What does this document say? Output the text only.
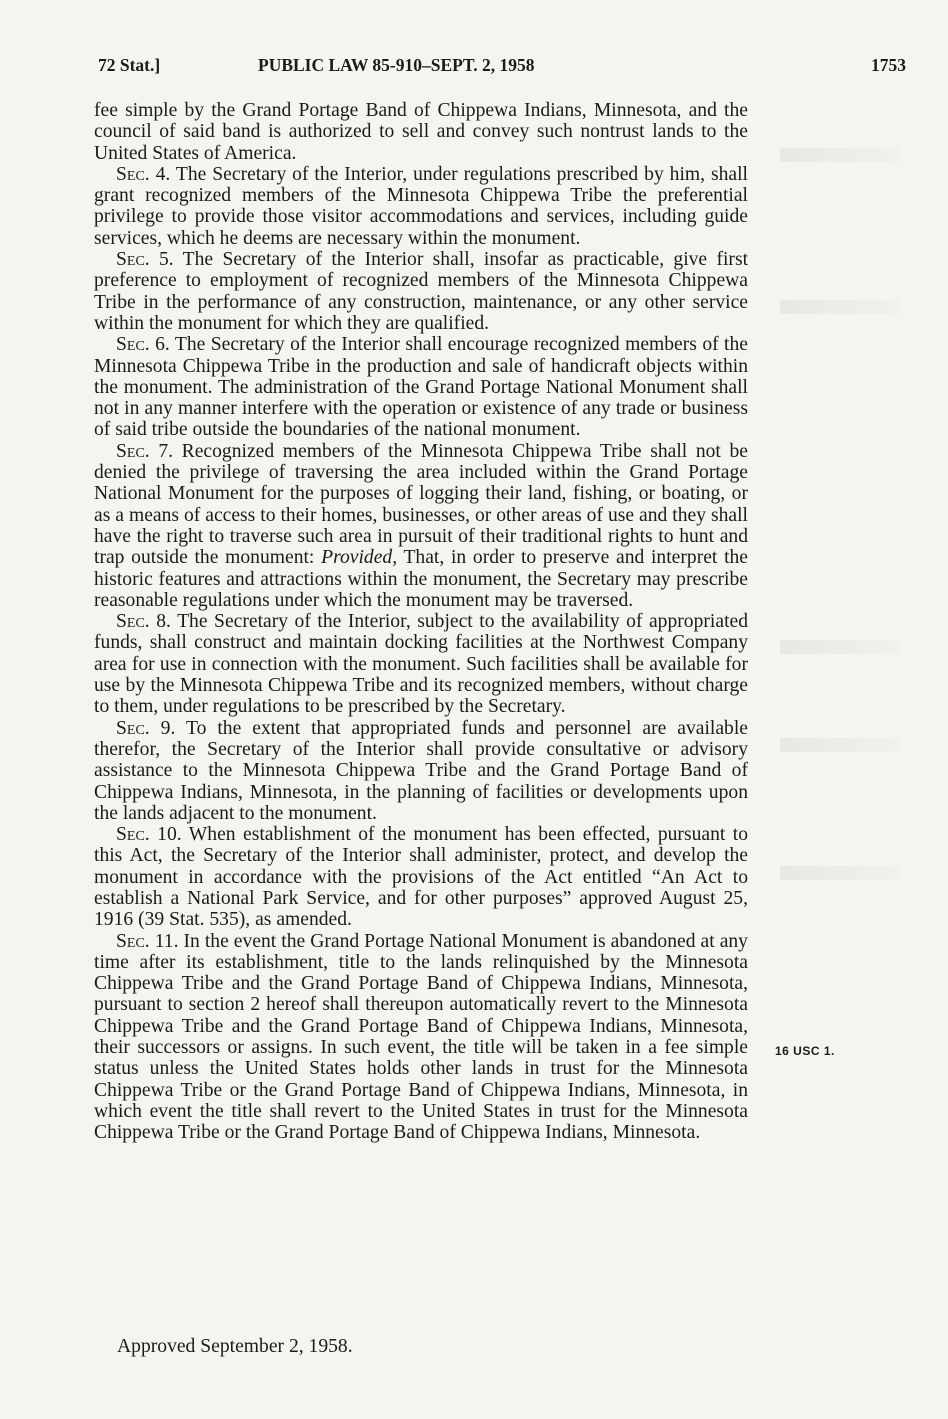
72 Stat.]	PUBLIC LAW 85-910–SEPT. 2, 1958	1753

fee simple by the Grand Portage Band of Chippewa Indians, Minnesota, and the council of said band is authorized to sell and convey such nontrust lands to the United States of America.

Sec. 4. The Secretary of the Interior, under regulations prescribed by him, shall grant recognized members of the Minnesota Chippewa Tribe the preferential privilege to provide those visitor accommodations and services, including guide services, which he deems are necessary within the monument.

Sec. 5. The Secretary of the Interior shall, insofar as practicable, give first preference to employment of recognized members of the Minnesota Chippewa Tribe in the performance of any construction, maintenance, or any other service within the monument for which they are qualified.

Sec. 6. The Secretary of the Interior shall encourage recognized members of the Minnesota Chippewa Tribe in the production and sale of handicraft objects within the monument. The administration of the Grand Portage National Monument shall not in any manner interfere with the operation or existence of any trade or business of said tribe outside the boundaries of the national monument.

Sec. 7. Recognized members of the Minnesota Chippewa Tribe shall not be denied the privilege of traversing the area included within the Grand Portage National Monument for the purposes of logging their land, fishing, or boating, or as a means of access to their homes, businesses, or other areas of use and they shall have the right to traverse such area in pursuit of their traditional rights to hunt and trap outside the monument: Provided, That, in order to preserve and interpret the historic features and attractions within the monument, the Secretary may prescribe reasonable regulations under which the monument may be traversed.

Sec. 8. The Secretary of the Interior, subject to the availability of appropriated funds, shall construct and maintain docking facilities at the Northwest Company area for use in connection with the monument. Such facilities shall be available for use by the Minnesota Chippewa Tribe and its recognized members, without charge to them, under regulations to be prescribed by the Secretary.

Sec. 9. To the extent that appropriated funds and personnel are available therefor, the Secretary of the Interior shall provide consultative or advisory assistance to the Minnesota Chippewa Tribe and the Grand Portage Band of Chippewa Indians, Minnesota, in the planning of facilities or developments upon the lands adjacent to the monument.

Sec. 10. When establishment of the monument has been effected, pursuant to this Act, the Secretary of the Interior shall administer, protect, and develop the monument in accordance with the provisions of the Act entitled “An Act to establish a National Park Service, and for other purposes” approved August 25, 1916 (39 Stat. 535), as amended.

Sec. 11. In the event the Grand Portage National Monument is abandoned at any time after its establishment, title to the lands relinquished by the Minnesota Chippewa Tribe and the Grand Portage Band of Chippewa Indians, Minnesota, pursuant to section 2 hereof shall thereupon automatically revert to the Minnesota Chippewa Tribe and the Grand Portage Band of Chippewa Indians, Minnesota, their successors or assigns. In such event, the title will be taken in a fee simple status unless the United States holds other lands in trust for the Minnesota Chippewa Tribe or the Grand Portage Band of Chippewa Indians, Minnesota, in which event the title shall revert to the United States in trust for the Minnesota Chippewa Tribe or the Grand Portage Band of Chippewa Indians, Minnesota.

16 USC 1.
Approved September 2, 1958.
